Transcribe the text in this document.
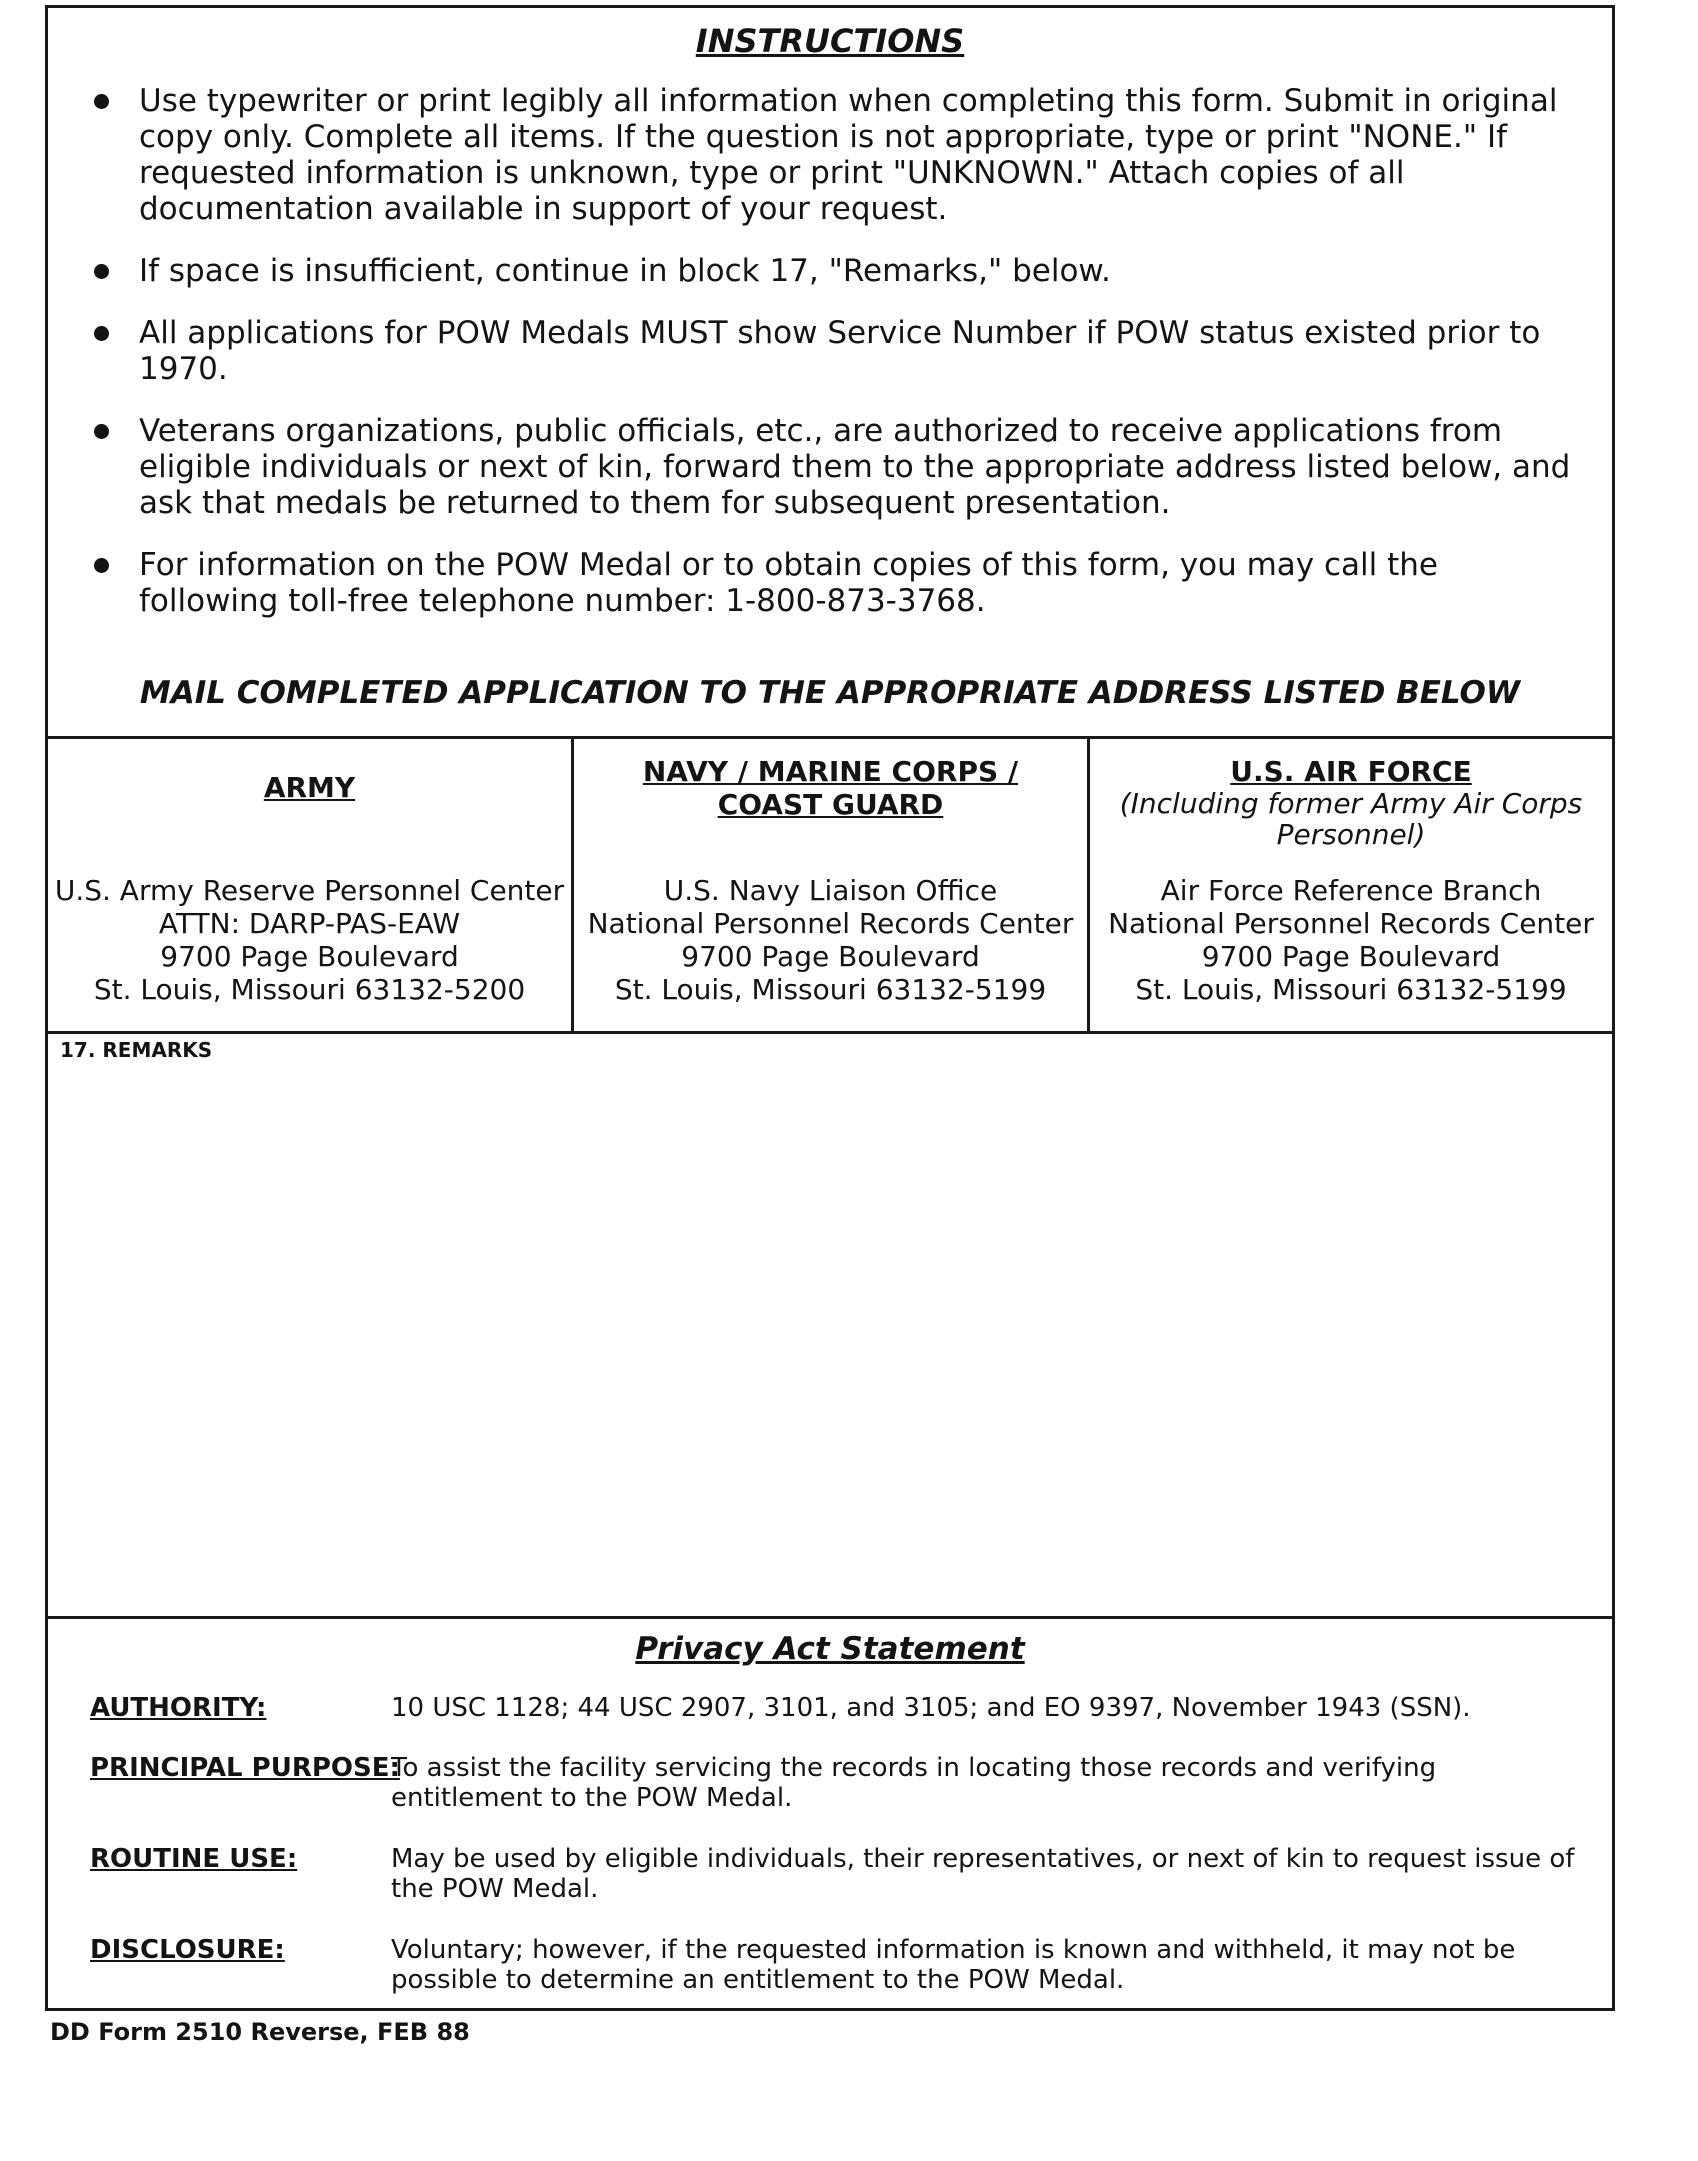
INSTRUCTIONS
Use typewriter or print legibly all information when completing this form. Submit in original copy only. Complete all items. If the question is not appropriate, type or print "NONE." If requested information is unknown, type or print "UNKNOWN." Attach copies of all documentation available in support of your request.
If space is insufficient, continue in block 17, "Remarks," below.
All applications for POW Medals MUST show Service Number if POW status existed prior to 1970.
Veterans organizations, public officials, etc., are authorized to receive applications from eligible individuals or next of kin, forward them to the appropriate address listed below, and ask that medals be returned to them for subsequent presentation.
For information on the POW Medal or to obtain copies of this form, you may call the following toll-free telephone number: 1-800-873-3768.
MAIL COMPLETED APPLICATION TO THE APPROPRIATE ADDRESS LISTED BELOW
ARMY
U.S. Army Reserve Personnel Center
ATTN: DARP-PAS-EAW
9700 Page Boulevard
St. Louis, Missouri 63132-5200
NAVY / MARINE CORPS /
COAST GUARD
U.S. Navy Liaison Office
National Personnel Records Center
9700 Page Boulevard
St. Louis, Missouri 63132-5199
U.S. AIR FORCE
(Including former Army Air Corps
Personnel)
Air Force Reference Branch
National Personnel Records Center
9700 Page Boulevard
St. Louis, Missouri 63132-5199
17. REMARKS
Privacy Act Statement
AUTHORITY:	10 USC 1128; 44 USC 2907, 3101, and 3105; and EO 9397, November 1943 (SSN).
PRINCIPAL PURPOSE:
To assist the facility servicing the records in locating those records and verifying entitlement to the POW Medal.
ROUTINE USE:	May be used by eligible individuals, their representatives, or next of kin to request issue of the POW Medal.
DISCLOSURE:	Voluntary; however, if the requested information is known and withheld, it may not be possible to determine an entitlement to the POW Medal.
DD Form 2510 Reverse, FEB 88
